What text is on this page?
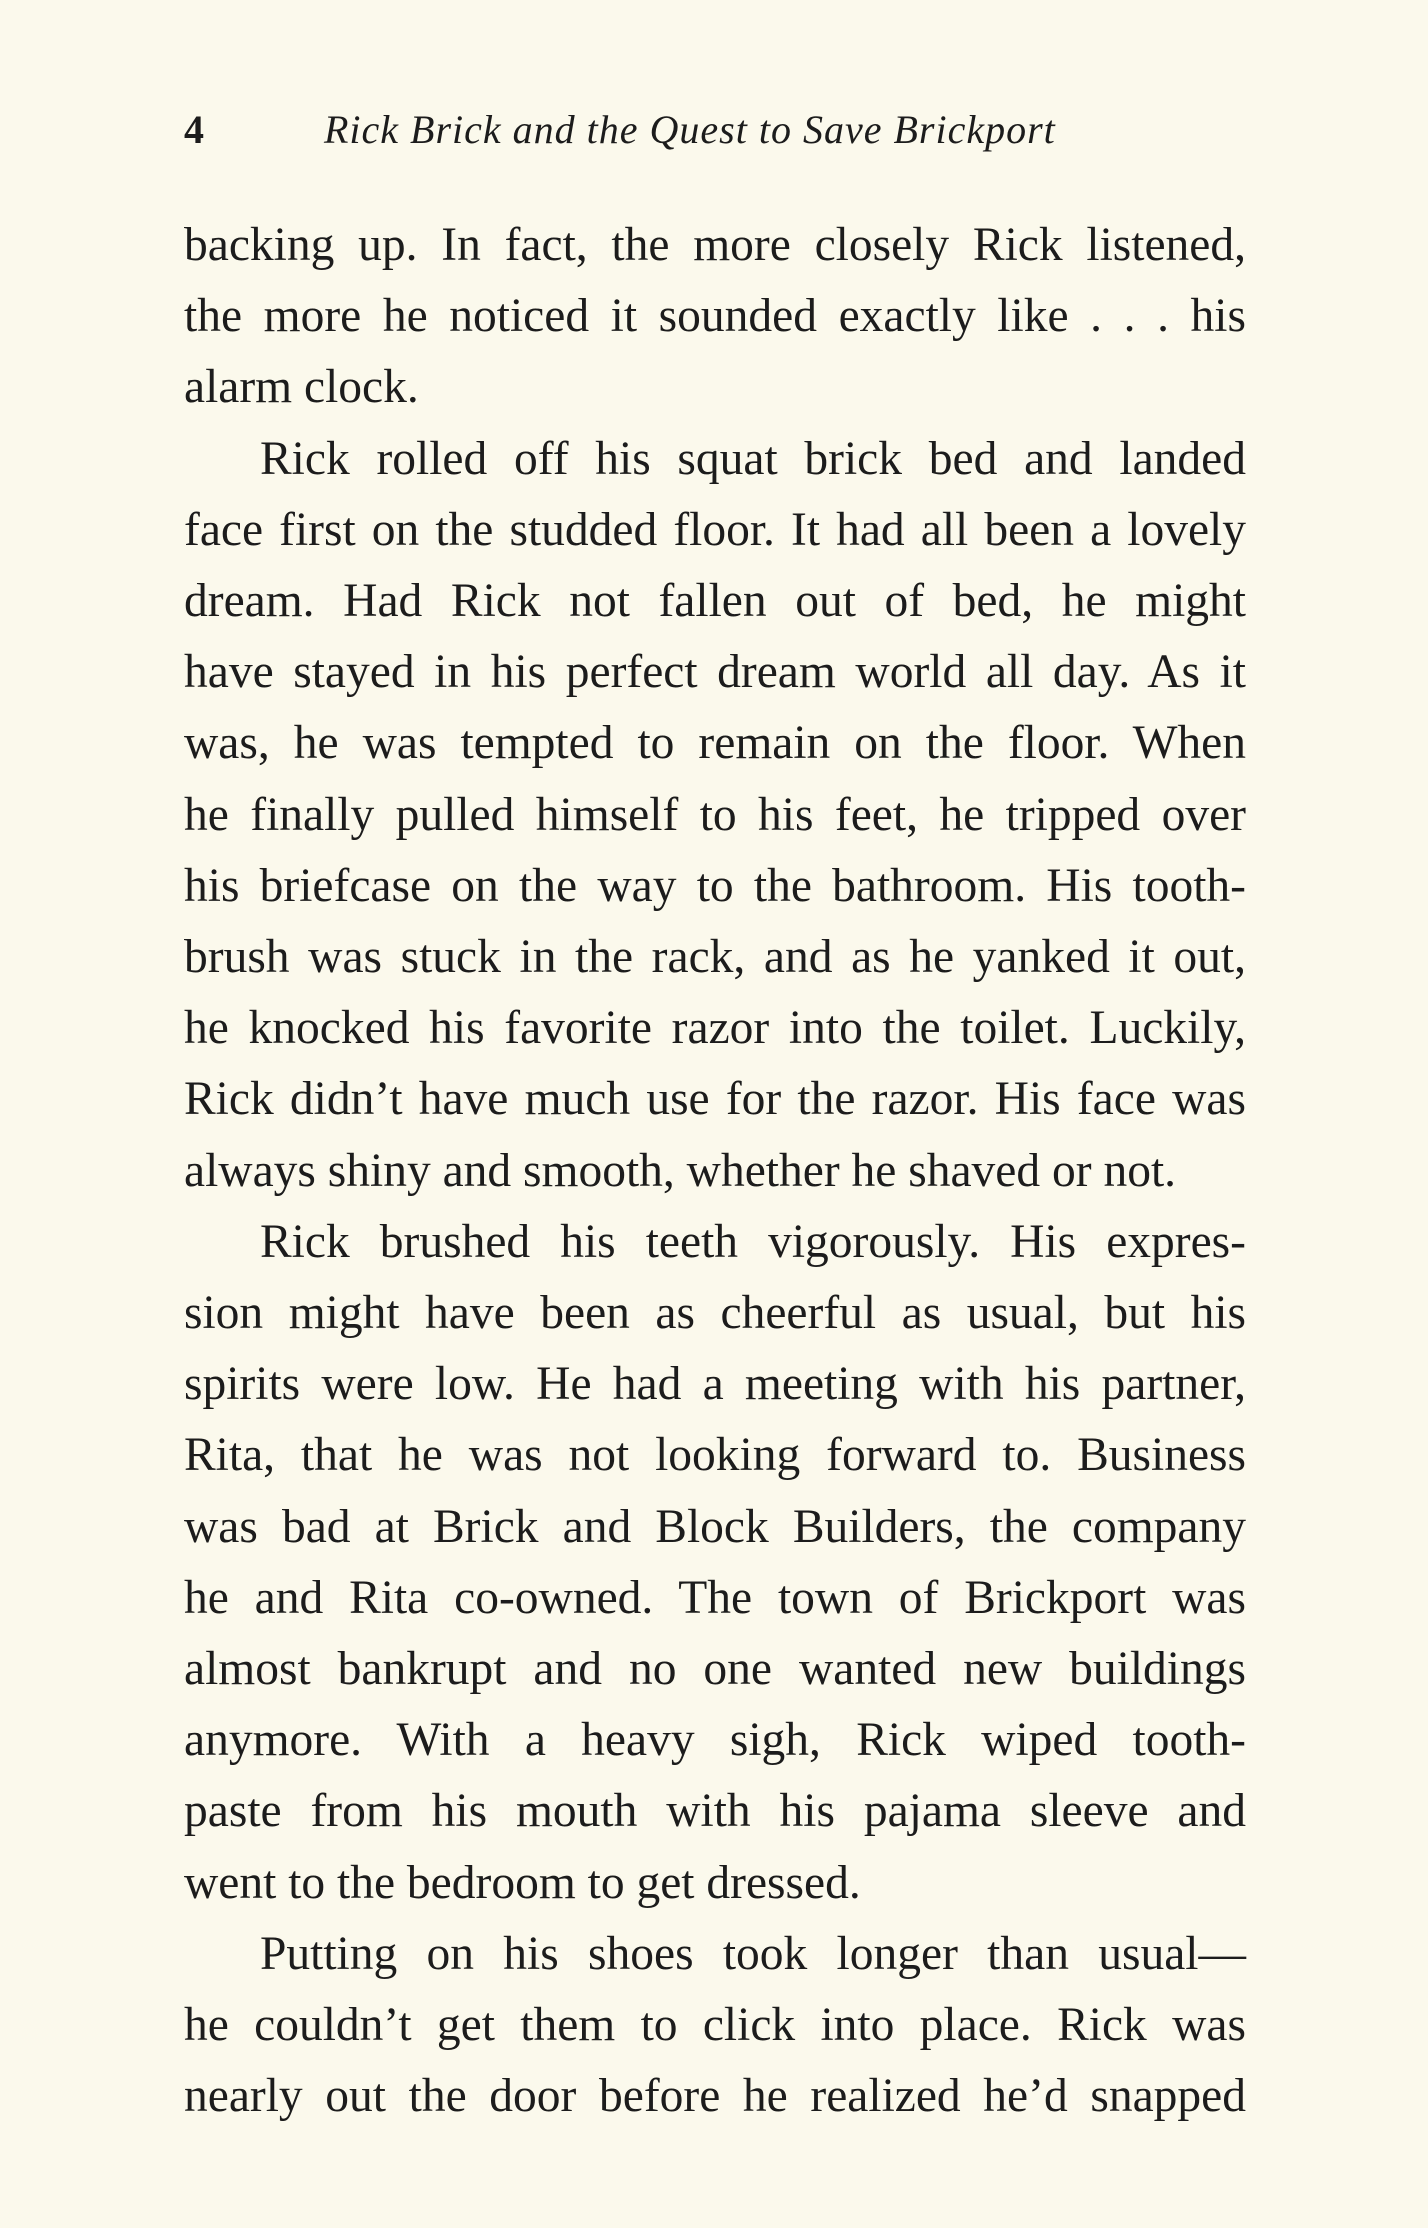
4	Rick Brick and the Quest to Save Brickport

backing up. In fact, the more closely Rick listened,

the more he noticed it sounded exactly like . . . his

alarm clock.

Rick rolled off his squat brick bed and landed

face first on the studded floor. It had all been a lovely

dream. Had Rick not fallen out of bed, he might

have stayed in his perfect dream world all day. As it

was, he was tempted to remain on the floor. When

he finally pulled himself to his feet, he tripped over

his briefcase on the way to the bathroom. His tooth-

brush was stuck in the rack, and as he yanked it out,

he knocked his favorite razor into the toilet. Luckily,

Rick didn’t have much use for the razor. His face was

always shiny and smooth, whether he shaved or not.

Rick brushed his teeth vigorously. His expres-

sion might have been as cheerful as usual, but his

spirits were low. He had a meeting with his partner,

Rita, that he was not looking forward to. Business

was bad at Brick and Block Builders, the company

he and Rita co-owned. The town of Brickport was

almost bankrupt and no one wanted new buildings

anymore. With a heavy sigh, Rick wiped tooth-

paste from his mouth with his pajama sleeve and

went to the bedroom to get dressed.

Putting on his shoes took longer than usual—

he couldn’t get them to click into place. Rick was

nearly out the door before he realized he’d snapped
